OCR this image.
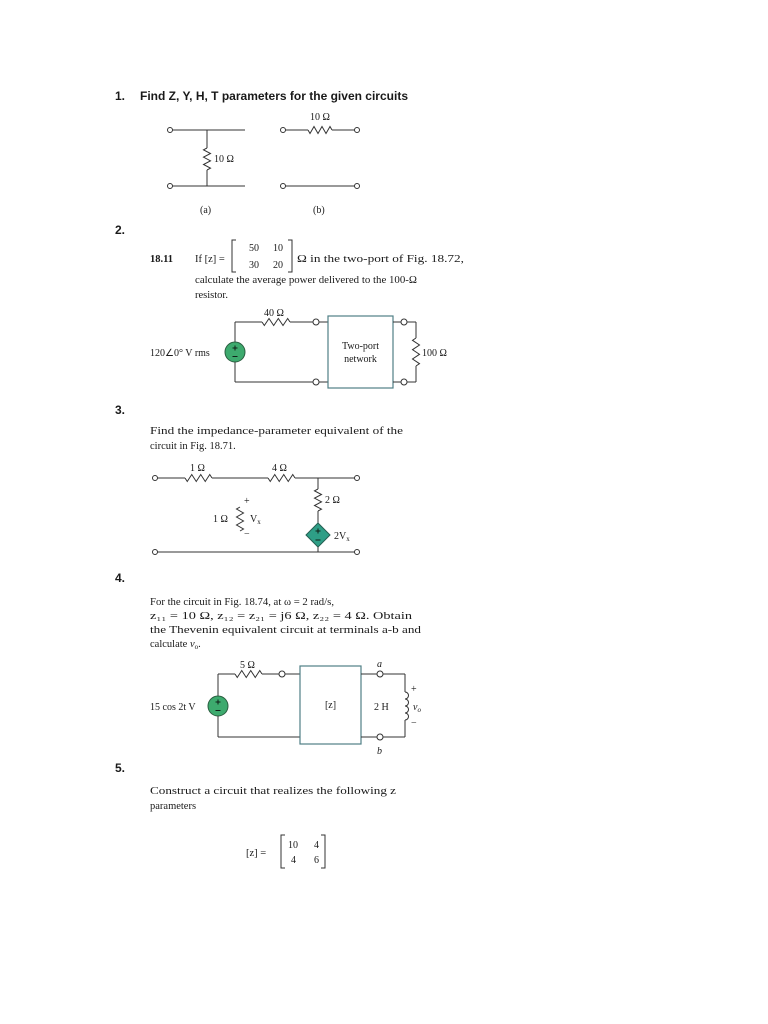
1. Find Z, Y, H, T parameters for the given circuits
10 Ω
(a)
10 Ω
(b)
2.
18.11 If [z] =
50 10
30 20
Ω in the two-port of Fig. 18.72,
calculate the average power delivered to the 100-Ω
resistor.
40 Ω
120∠0° V rms
Two-port
network
100 Ω
3.
Find the impedance-parameter equivalent of the
circuit in Fig. 18.71.
1 Ω	4 Ω
+
1 Ω $V_x$
−
2 Ω
$2V_x$
4.
For the circuit in Fig. 18.74, at ω = 2 rad/s,
z₁₁ = 10 Ω, z₁₂ = z₂₁ = j6 Ω, z₂₂ = 4 Ω. Obtain
the Thevenin equivalent circuit at terminals a-b and
calculate vo.
5 Ω
15 cos 2t V	[z]
a
b
2 H
+
$v_o$
−
5.
Construct a circuit that realizes the following z
parameters
[z] =
10 4
4 6
